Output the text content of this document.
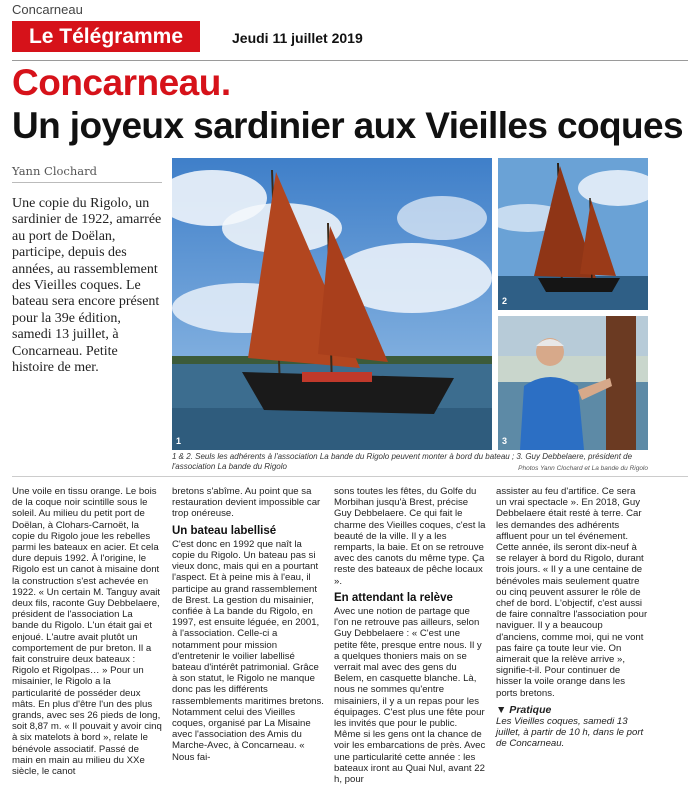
Concarneau
Le Télégramme	Jeudi 11 juillet 2019
Concarneau.
Un joyeux sardinier aux Vieilles coques
Yann Clochard
Une copie du Rigolo, un sardinier de 1922, amarrée au port de Doëlan, participe, depuis des années, au rassemblement des Vieilles coques. Le bateau sera encore présent pour la 39e édition, samedi 13 juillet, à Concarneau. Petite histoire de mer.
1
2
3
1 & 2. Seuls les adhérents à l'association La bande du Rigolo peuvent monter à bord du bateau ; 3. Guy Debbelaere, président de l'association La bande du Rigolo	Photos Yann Clochard et La bande du Rigolo

Une voile en tissu orange. Le bois de la coque noir scintille sous le soleil. Au milieu du petit port de Doëlan, à Clohars-Carnoët, la copie du Rigolo joue les rebelles parmi les bateaux en acier. Et cela dure depuis 1992. À l'origine, le Rigolo est un canot à misaine dont la construction s'est achevée en 1922. « Un certain M. Tanguy avait deux fils, raconte Guy Debbelaere, président de l'association La bande du Rigolo. L'un était gai et enjoué. L'autre avait plutôt un comportement de pur breton. Il a fait construire deux bateaux : Rigolo et Rigolpas… » Pour un misainier, le Rigolo a la particularité de posséder deux mâts. En plus d'être l'un des plus grands, avec ses 26 pieds de long, soit 8,87 m. « Il pouvait y avoir cinq à six matelots à bord », relate le bénévole associatif. Passé de main en main au milieu du XXe siècle, le canot

bretons s'abîme. Au point que sa restauration devient impossible car trop onéreuse.

Un bateau labellisé

C'est donc en 1992 que naît la copie du Rigolo. Un bateau pas si vieux donc, mais qui en a pourtant l'aspect. Et à peine mis à l'eau, il participe au grand rassemblement de Brest. La gestion du misainier, confiée à La bande du Rigolo, en 1997, est ensuite léguée, en 2001, à l'association. Celle-ci a notamment pour mission d'entretenir le voilier labellisé bateau d'intérêt patrimonial. Grâce à son statut, le Rigolo ne manque donc pas les différents rassemblements maritimes bretons. Notamment celui des Vieilles coques, organisé par La Misaine avec l'association des Amis du Marche-Avec, à Concarneau. « Nous fai-

sons toutes les fêtes, du Golfe du Morbihan jusqu'à Brest, précise Guy Debbelaere. Ce qui fait le charme des Vieilles coques, c'est la beauté de la ville. Il y a les remparts, la baie. Et on se retrouve avec des canots du même type. Ça reste des bateaux de pêche locaux ».

En attendant la relève

Avec une notion de partage que l'on ne retrouve pas ailleurs, selon Guy Debbelaere : « C'est une petite fête, presque entre nous. Il y a quelques thoniers mais on se verrait mal avec des gens du Belem, en casquette blanche. Là, nous ne sommes qu'entre misainiers, il y a un repas pour les équipages. C'est plus une fête pour les invités que pour le public. Même si les gens ont la chance de voir les embarcations de près. Avec une particularité cette année : les bateaux iront au Quai Nul, avant 22 h, pour

assister au feu d'artifice. Ce sera un vrai spectacle ». En 2018, Guy Debbelaere était resté à terre. Car les demandes des adhérents affluent pour un tel événement. Cette année, ils seront dix-neuf à se relayer à bord du Rigolo, durant trois jours. « Il y a une centaine de bénévoles mais seulement quatre ou cinq peuvent assurer le rôle de chef de bord. L'objectif, c'est aussi de faire connaître l'association pour naviguer. Il y a beaucoup d'anciens, comme moi, qui ne vont pas faire ça toute leur vie. On aimerait que la relève arrive », signifie-t-il. Pour continuer de hisser la voile orange dans les ports bretons.

▼ Pratique

Les Vieilles coques, samedi 13 juillet, à partir de 10 h, dans le port de Concarneau.
